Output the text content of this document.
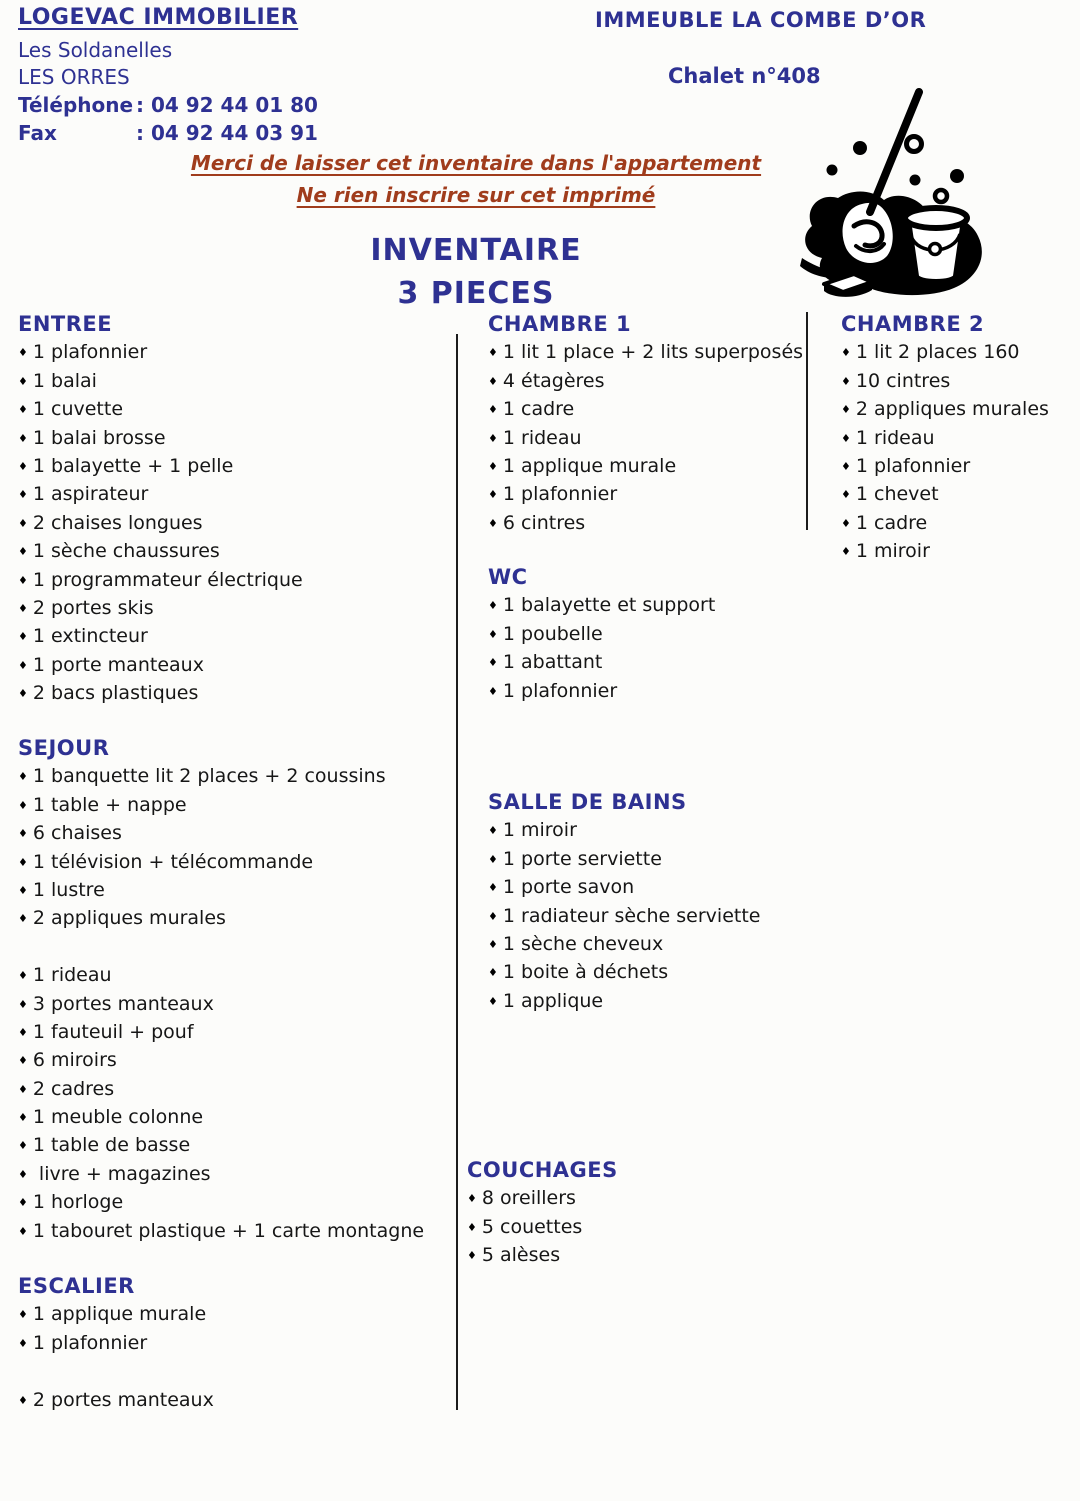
LOGEVAC IMMOBILIER
Les Soldanelles
LES ORRES
Téléphone : 04 92 44 01 80
Fax	: 04 92 44 03 91
IMMEUBLE LA COMBE D’OR
Chalet n°408
Merci de laisser cet inventaire dans l'appartement
Ne rien inscrire sur cet imprimé
INVENTAIRE
3 PIECES
ENTREE
♦ 1 plafonnier
♦ 1 balai
♦ 1 cuvette
♦ 1 balai brosse
♦ 1 balayette + 1 pelle
♦ 1 aspirateur
♦ 2 chaises longues
♦ 1 sèche chaussures
♦ 1 programmateur électrique
♦ 2 portes skis
♦ 1 extincteur
♦ 1 porte manteaux
♦ 2 bacs plastiques
SEJOUR
♦ 1 banquette lit 2 places + 2 coussins
♦ 1 table + nappe
♦ 6 chaises
♦ 1 télévision + télécommande
♦ 1 lustre
♦ 2 appliques murales
♦ 1 rideau
♦ 3 portes manteaux
♦ 1 fauteuil + pouf
♦ 6 miroirs
♦ 2 cadres
♦ 1 meuble colonne
♦ 1 table de basse
♦ livre + magazines
♦ 1 horloge
♦ 1 tabouret plastique + 1 carte montagne
ESCALIER
♦ 1 applique murale
♦ 1 plafonnier
♦ 2 portes manteaux
CHAMBRE 1
♦ 1 lit 1 place + 2 lits superposés
♦ 4 étagères
♦ 1 cadre
♦ 1 rideau
♦ 1 applique murale
♦ 1 plafonnier
♦ 6 cintres
WC
♦ 1 balayette et support
♦ 1 poubelle
♦ 1 abattant
♦ 1 plafonnier
SALLE DE BAINS
♦ 1 miroir
♦ 1 porte serviette
♦ 1 porte savon
♦ 1 radiateur sèche serviette
♦ 1 sèche cheveux
♦ 1 boite à déchets
♦ 1 applique
COUCHAGES
♦ 8 oreillers
♦ 5 couettes
♦ 5 alèses
CHAMBRE 2
♦ 1 lit 2 places 160
♦ 10 cintres
♦ 2 appliques murales
♦ 1 rideau
♦ 1 plafonnier
♦ 1 chevet
♦ 1 cadre
♦ 1 miroir
